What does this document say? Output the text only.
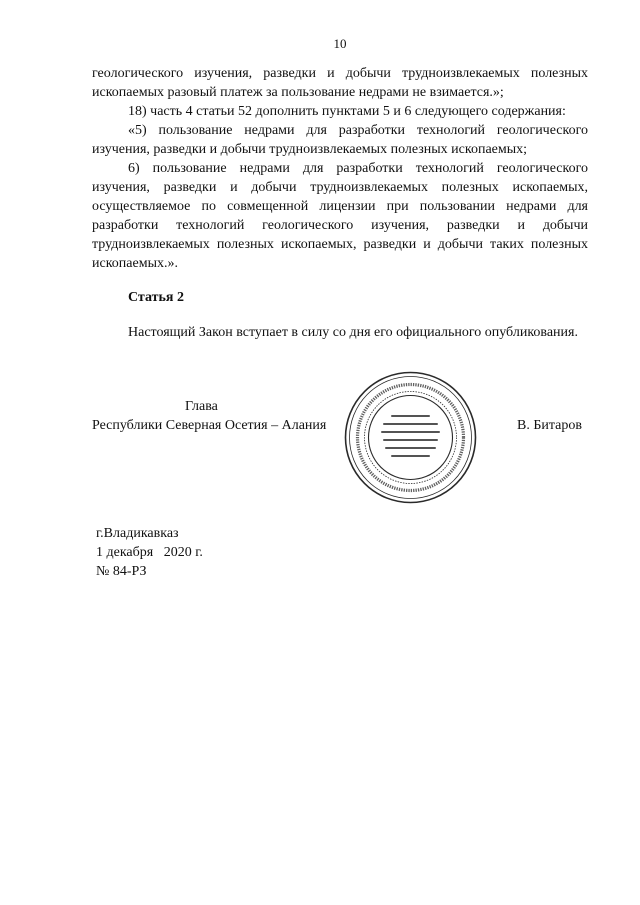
10

геологического изучения, разведки и добычи трудноизвлекаемых полезных ископаемых разовый платеж за пользование недрами не взимается.»;

18) часть 4 статьи 52 дополнить пунктами 5 и 6 следующего содержания:

«5) пользование недрами для разработки технологий геологического изучения, разведки и добычи трудноизвлекаемых полезных ископаемых;

6) пользование недрами для разработки технологий геологического изучения, разведки и добычи трудноизвлекаемых полезных ископаемых, осуществляемое по совмещенной лицензии при пользовании недрами для разработки технологий геологического изучения, разведки и добычи трудноизвлекаемых полезных ископаемых, разведки и добычи таких полезных ископаемых.».

Статья 2
Настоящий Закон вступает в силу со дня его официального опубликования.
Глава
Республики Северная Осетия – Алания	В. Битаров
г.Владикавказ
1 декабря   2020 г.
№ 84-РЗ
